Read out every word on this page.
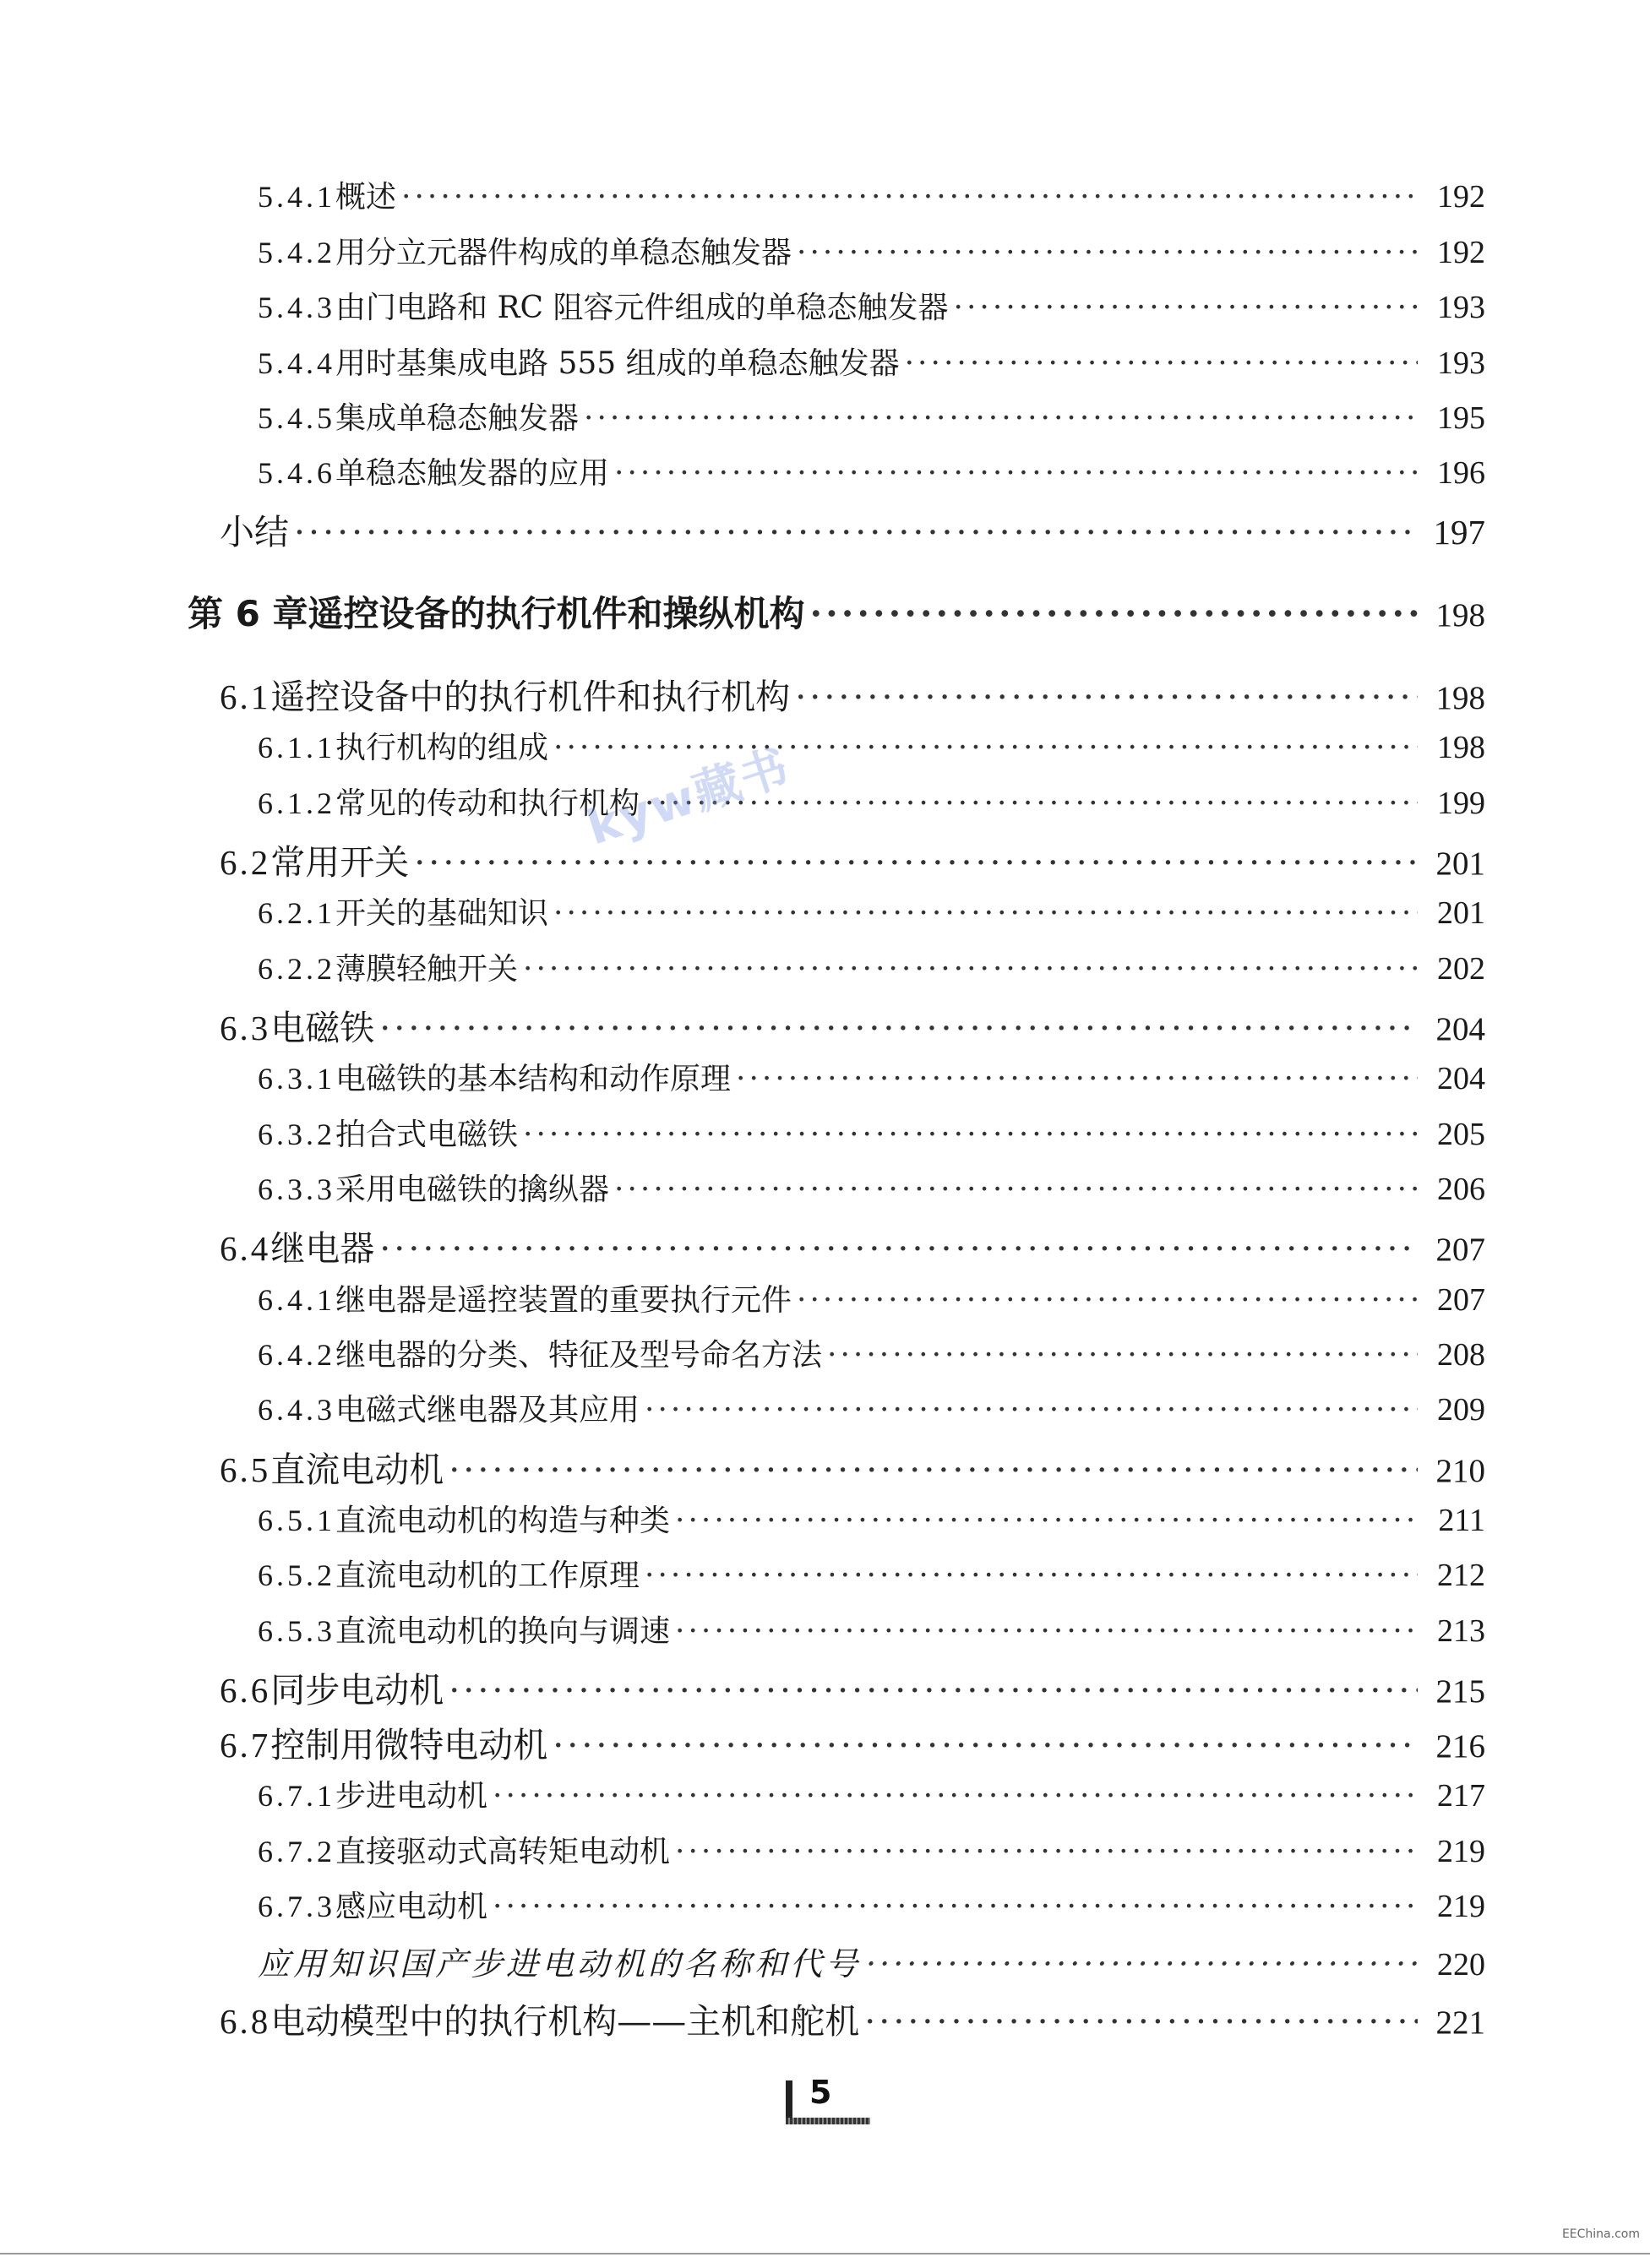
5.4.1 概述 ·····	192
5.4.2 用分立元器件构成的单稳态触发器 ·····	192
5.4.3 由门电路和 RC 阻容元件组成的单稳态触发器 ·····	193
5.4.4 用时基集成电路 555 组成的单稳态触发器 ·····	193
5.4.5 集成单稳态触发器 ·····	195
5.4.6 单稳态触发器的应用 ·····	196
小结 ·····	197
第 6 章 遥控设备的执行机件和操纵机构 ·····	198
6.1 遥控设备中的执行机件和执行机构 ·····	198
6.1.1 执行机构的组成 ·····	198
6.1.2 常见的传动和执行机构 ·····	199
6.2 常用开关 ·····	201
6.2.1 开关的基础知识 ·····	201
6.2.2 薄膜轻触开关 ·····	202
6.3 电磁铁 ·····	204
6.3.1 电磁铁的基本结构和动作原理 ·····	204
6.3.2 拍合式电磁铁 ·····	205
6.3.3 采用电磁铁的擒纵器 ·····	206
6.4 继电器 ·····	207
6.4.1 继电器是遥控装置的重要执行元件 ·····	207
6.4.2 继电器的分类、特征及型号命名方法 ·····	208
6.4.3 电磁式继电器及其应用 ·····	209
6.5 直流电动机 ·····	210
6.5.1 直流电动机的构造与种类 ·····	211
6.5.2 直流电动机的工作原理 ·····	212
6.5.3 直流电动机的换向与调速 ·····	213
6.6 同步电动机 ·····	215
6.7 控制用微特电动机 ·····	216
6.7.1 步进电动机 ·····	217
6.7.2 直接驱动式高转矩电动机 ·····	219
6.7.3 感应电动机 ·····	219
应用知识 国产步进电动机的名称和代号 ·····	220
6.8 电动模型中的执行机构——主机和舵机 ·····	221
kyw藏书
5
EEChina.com
